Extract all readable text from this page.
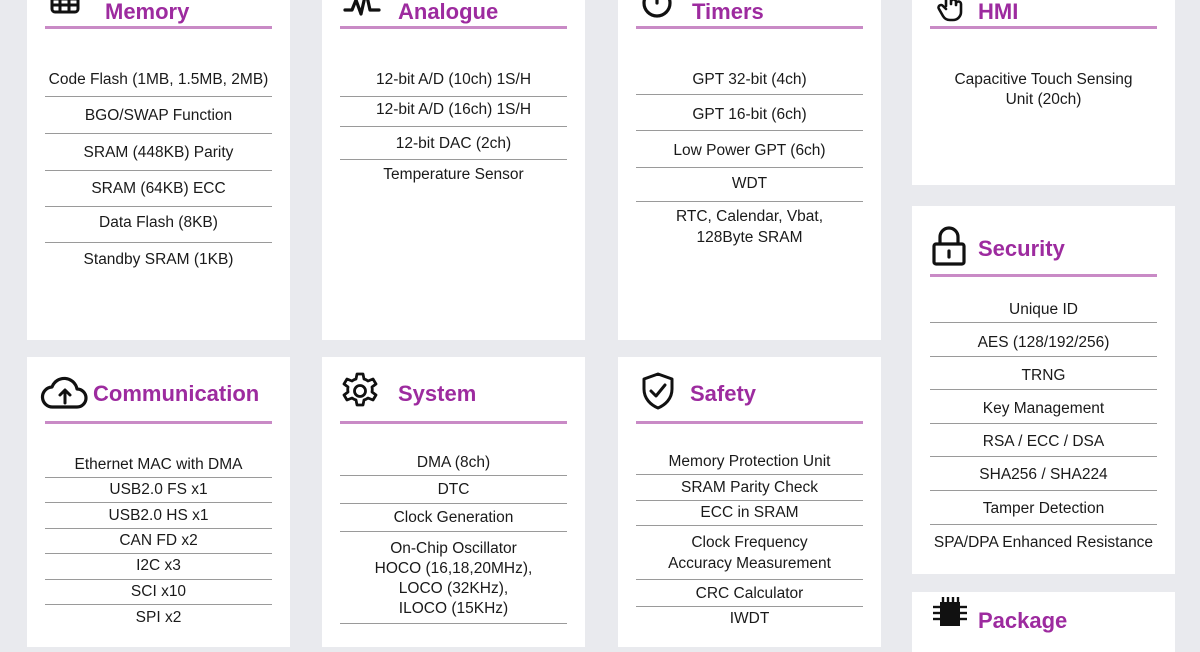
Memory
Code Flash (1MB, 1.5MB, 2MB)
BGO/SWAP Function
SRAM (448KB) Parity
SRAM (64KB) ECC
Data Flash (8KB)
Standby SRAM (1KB)
Analogue
12-bit A/D (10ch) 1S/H
12-bit A/D (16ch) 1S/H
12-bit DAC (2ch)
Temperature Sensor
Timers
GPT 32-bit (4ch)
GPT 16-bit (6ch)
Low Power GPT (6ch)
WDT
RTC, Calendar, Vbat,
128Byte SRAM
HMI
Capacitive Touch Sensing
Unit (20ch)
Security
Unique ID
AES (128/192/256)
TRNG
Key Management
RSA / ECC / DSA
SHA256 / SHA224
Tamper Detection
SPA/DPA Enhanced Resistance
Communication
Ethernet MAC with DMA
USB2.0 FS x1
USB2.0 HS x1
CAN FD x2
I2C x3
SCI x10
SPI x2
System
DMA (8ch)
DTC
Clock Generation
On-Chip Oscillator
HOCO (16,18,20MHz),
LOCO (32KHz),
ILOCO (15KHz)
Safety
Memory Protection Unit
SRAM Parity Check
ECC in SRAM
Clock Frequency
Accuracy Measurement
CRC Calculator
IWDT	Package
